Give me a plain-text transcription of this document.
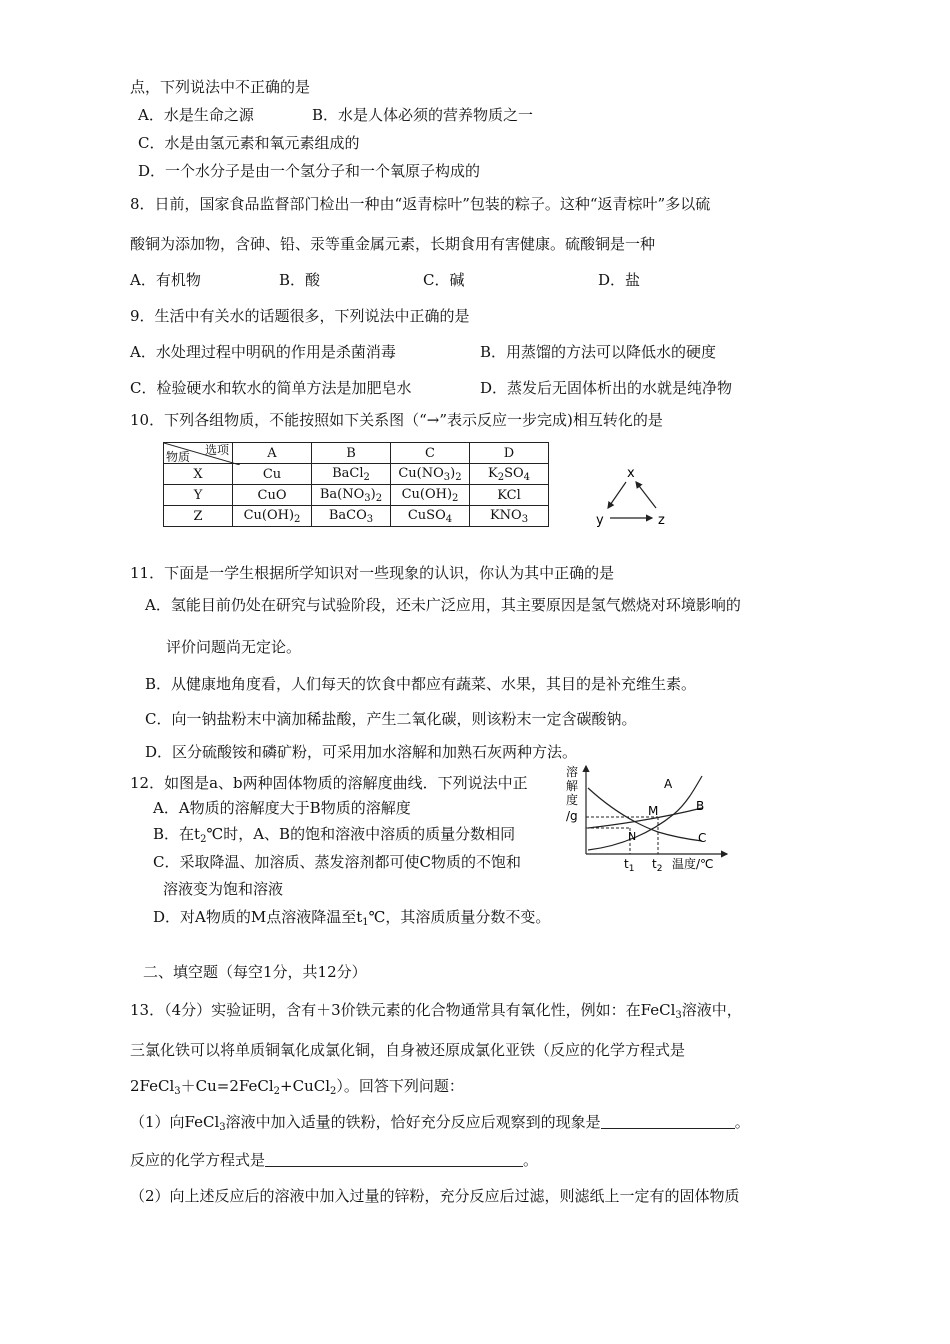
点，下列说法中不正确的是
A．水是生命之源	B．水是人体必须的营养物质之一
C．水是由氢元素和氧元素组成的
D．一个水分子是由一个氢分子和一个氧原子构成的
8．日前，国家食品监督部门检出一种由“返青棕叶”包装的粽子。这种“返青棕叶”多以硫
酸铜为添加物，含砷、铅、汞等重金属元素，长期食用有害健康。硫酸铜是一种
A．有机物	B．酸	C．碱	D．盐
9．生活中有关水的话题很多，下列说法中正确的是
A．水处理过程中明矾的作用是杀菌消毒	B．用蒸馏的方法可以降低水的硬度
C．检验硬水和软水的简单方法是加肥皂水	D．蒸发后无固体析出的水就是纯净物
10．下列各组物质，不能按照如下关系图（“→”表示反应一步完成)相互转化的是
选项
物质	A	B	C	D
X	Cu	BaCl$_2$	$Cu(NO_3)_2$	$K_2SO_4$
Y	CuO	$Ba(NO_3)_2$	$Cu(OH)_2$	KCl
Z	$Cu(OH)_2$	BaCO$_3$	CuSO$_4$	$KNO_3$
x
y	z
11．下面是一学生根据所学知识对一些现象的认识，你认为其中正确的是
A．氢能目前仍处在研究与试验阶段，还未广泛应用，其主要原因是氢气燃烧对环境影响的
评价问题尚无定论。
B．从健康地角度看，人们每天的饮食中都应有蔬菜、水果，其目的是补充维生素。
C．向一钠盐粉末中滴加稀盐酸，产生二氧化碳，则该粉末一定含碳酸钠。
D．区分硫酸铵和磷矿粉，可采用加水溶解和加熟石灰两种方法。
12．如图是a、b两种固体物质的溶解度曲线．下列说法中正
A．A物质的溶解度大于B物质的溶解度
B．在$t_2℃$时，A、B的饱和溶液中溶质的质量分数相同
C．采取降温、加溶质、蒸发溶剂都可使C物质的不饱和
溶液变为饱和溶液
D．对A物质的M点溶液降温至$t_1℃$，其溶质质量分数不变。
溶
解
度
/g
A
B
C
M
N
$t_1$ $t_2$ 温度/℃
二、填空题（每空1分，共12分）
13．（4分）实验证明，含有＋3价铁元素的化合物通常具有氧化性，例如：在FeCl$_3$溶液中，
三氯化铁可以将单质铜氧化成氯化铜，自身被还原成氯化亚铁（反应的化学方程式是
2FeCl$_3$＋Cu=2FeCl$_2$+CuCl$_2$）。回答下列问题：
（1）向FeCl$_3$溶液中加入适量的铁粉，恰好充分反应后观察到的现象是	。
反应的化学方程式是	。
（2）向上述反应后的溶液中加入过量的锌粉，充分反应后过滤，则滤纸上一定有的固体物质
